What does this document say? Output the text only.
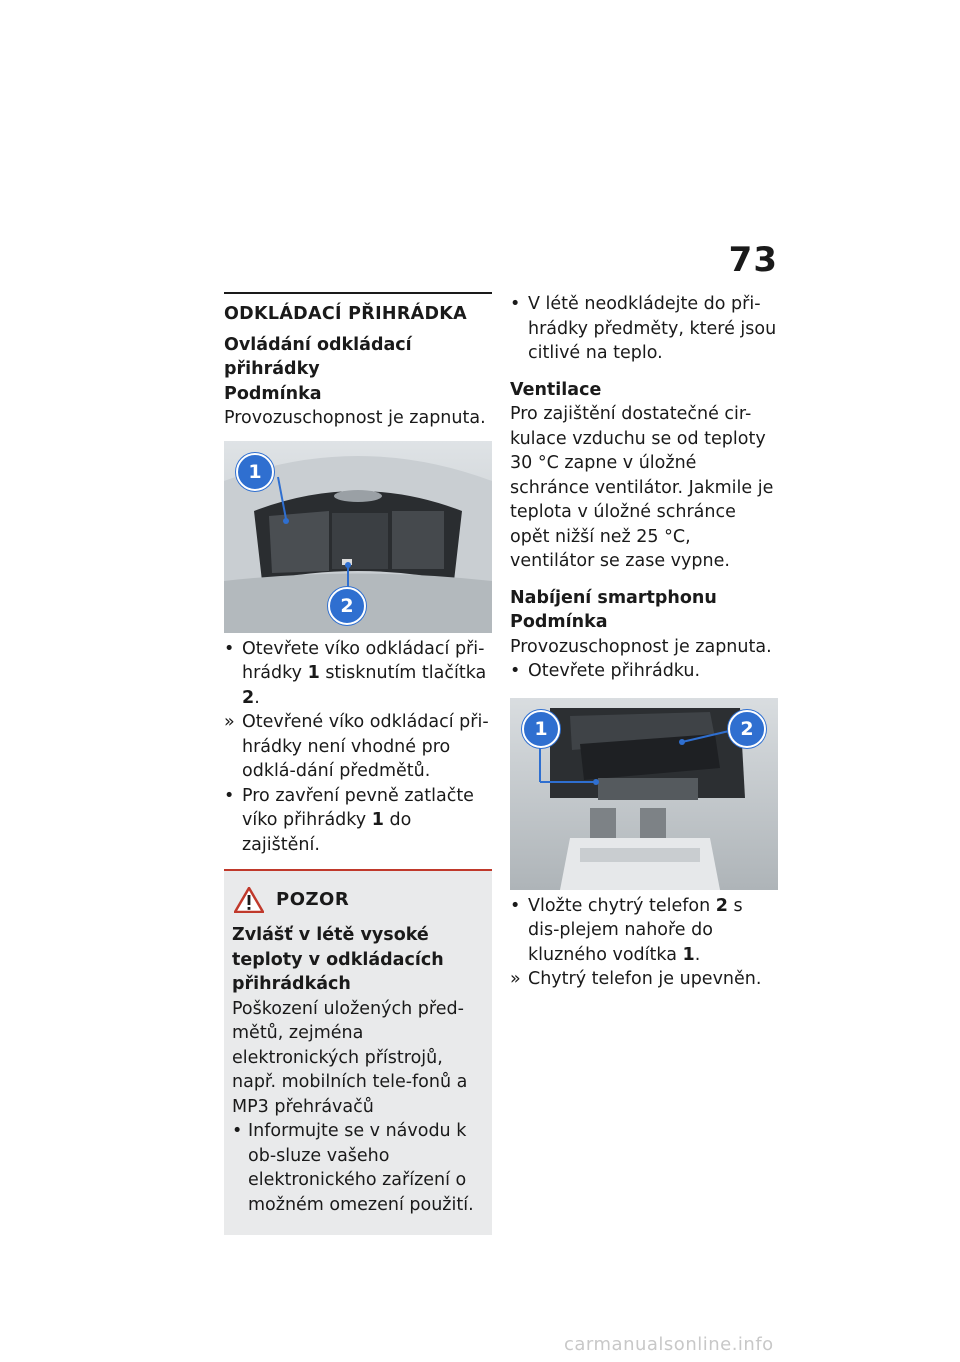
73
ODKLÁDACÍ PŘIHRÁDKA

Ovládání odkládací přihrádky

Podmínka

Provozuschopnost je zapnuta.

1
2
• Otevřete víko odkládací při-hrádky 1 stisknutím tlačítka 2.
» Otevřené víko odkládací při-hrádky není vhodné pro odklá-dání předmětů.
• Pro zavření pevně zatlačte víko přihrádky 1 do zajištění.
POZOR

Zvlášť v létě vysoké teploty v odkládacích přihrádkách

Poškození uložených před-mětů, zejména elektronických přístrojů, např. mobilních tele-fonů a MP3 přehrávačů

• Informujte se v návodu k ob-sluze vašeho elektronického zařízení o možném omezení použití.
• V létě neodkládejte do při-hrádky předměty, které jsou citlivé na teplo.

Ventilace

Pro zajištění dostatečné cir-kulace vzduchu se od teploty 30 °C zapne v úložné schránce ventilátor. Jakmile je teplota v úložné schránce opět nižší než 25 °C, ventilátor se zase vypne.

Nabíjení smartphonu

Podmínka

Provozuschopnost je zapnuta.

• Otevřete přihrádku.
1	2
• Vložte chytrý telefon 2 s dis-plejem nahoře do kluzného vodítka 1.
» Chytrý telefon je upevněn.
carmanualsonline.info
